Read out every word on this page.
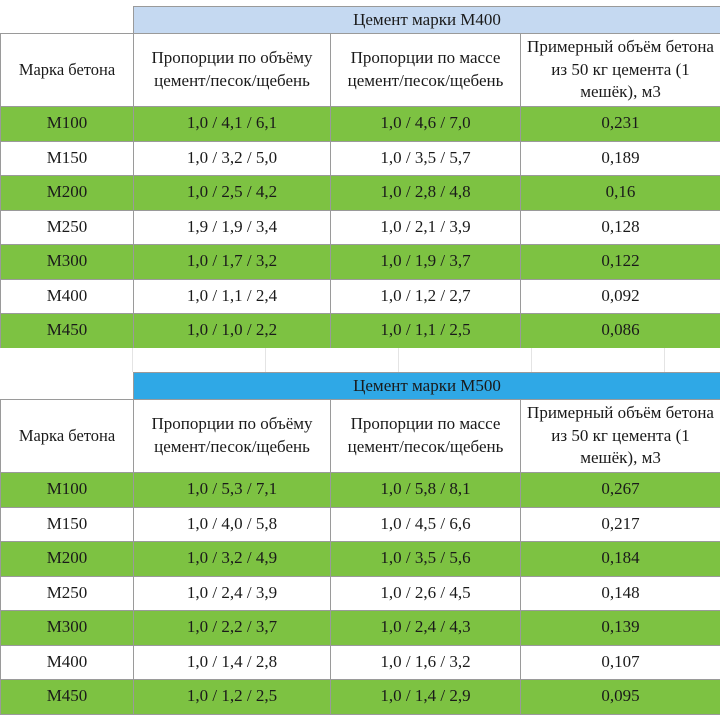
	Цемент марки М400		
Марка бетона	Пропорции по объёму цемент/песок/щебень	Пропорции по массе цемент/песок/щебень	Примерный объём бетона из 50 кг цемента (1 мешёк), м3
М100	1,0 / 4,1 / 6,1	1,0 / 4,6 / 7,0	0,231
М150	1,0 / 3,2 / 5,0	1,0 / 3,5 / 5,7	0,189
М200	1,0 / 2,5 / 4,2	1,0 / 2,8 / 4,8	0,16
М250	1,9 / 1,9 / 3,4	1,0 / 2,1 / 3,9	0,128
М300	1,0 / 1,7 / 3,2	1,0 / 1,9 / 3,7	0,122
М400	1,0 / 1,1 / 2,4	1,0 / 1,2 / 2,7	0,092
М450	1,0 / 1,0 / 2,2	1,0 / 1,1 / 2,5	0,086
	Цемент марки М500		
Марка бетона	Пропорции по объёму цемент/песок/щебень	Пропорции по массе цемент/песок/щебень	Примерный объём бетона из 50 кг цемента (1 мешёк), м3
М100	1,0 / 5,3 / 7,1	1,0 / 5,8 / 8,1	0,267
М150	1,0 / 4,0 / 5,8	1,0 / 4,5 / 6,6	0,217
М200	1,0 / 3,2 / 4,9	1,0 / 3,5 / 5,6	0,184
М250	1,0 / 2,4 / 3,9	1,0 / 2,6 / 4,5	0,148
М300	1,0 / 2,2 / 3,7	1,0 / 2,4 / 4,3	0,139
М400	1,0 / 1,4 / 2,8	1,0 / 1,6 / 3,2	0,107
М450	1,0 / 1,2 / 2,5	1,0 / 1,4 / 2,9	0,095
